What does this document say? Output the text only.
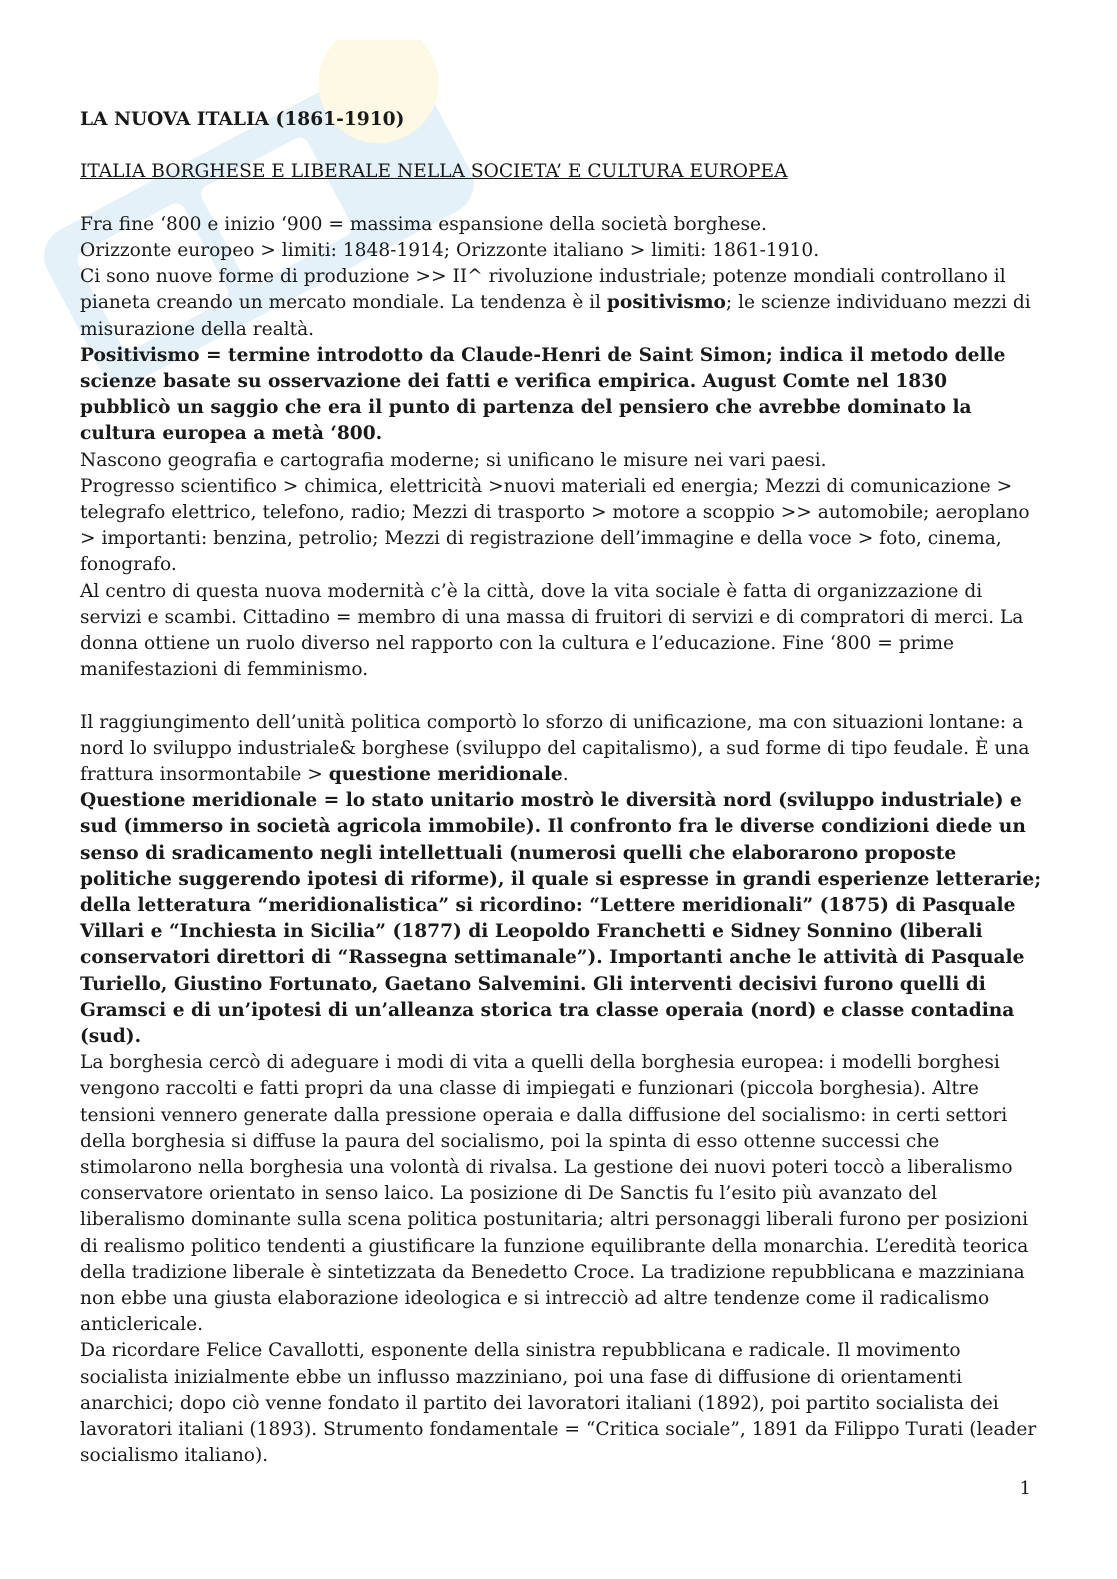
LA NUOVA ITALIA (1861-1910)

ITALIA BORGHESE E LIBERALE NELLA SOCIETA’ E CULTURA EUROPEA

Fra fine ‘800 e inizio ‘900 = massima espansione della società borghese.

Orizzonte europeo > limiti: 1848-1914; Orizzonte italiano > limiti: 1861-1910.

Ci sono nuove forme di produzione >> II^ rivoluzione industriale; potenze mondiali controllano il pianeta creando un mercato mondiale. La tendenza è il positivismo; le scienze individuano mezzi di misurazione della realtà.

Positivismo = termine introdotto da Claude-Henri de Saint Simon; indica il metodo delle scienze basate su osservazione dei fatti e verifica empirica. August Comte nel 1830 pubblicò un saggio che era il punto di partenza del pensiero che avrebbe dominato la cultura europea a metà ‘800.

Nascono geografia e cartografia moderne; si unificano le misure nei vari paesi.

Progresso scientifico > chimica, elettricità >nuovi materiali ed energia; Mezzi di comunicazione > telegrafo elettrico, telefono, radio; Mezzi di trasporto > motore a scoppio >> automobile; aeroplano > importanti: benzina, petrolio; Mezzi di registrazione dell’immagine e della voce > foto, cinema, fonografo.

Al centro di questa nuova modernità c’è la città, dove la vita sociale è fatta di organizzazione di servizi e scambi. Cittadino = membro di una massa di fruitori di servizi e di compratori di merci. La donna ottiene un ruolo diverso nel rapporto con la cultura e l’educazione. Fine ‘800 = prime manifestazioni di femminismo.

Il raggiungimento dell’unità politica comportò lo sforzo di unificazione, ma con situazioni lontane: a nord lo sviluppo industriale& borghese (sviluppo del capitalismo), a sud forme di tipo feudale. È una frattura insormontabile > questione meridionale.

Questione meridionale = lo stato unitario mostrò le diversità nord (sviluppo industriale) e sud (immerso in società agricola immobile). Il confronto fra le diverse condizioni diede un senso di sradicamento negli intellettuali (numerosi quelli che elaborarono proposte politiche suggerendo ipotesi di riforme), il quale si espresse in grandi esperienze letterarie; della letteratura “meridionalistica” si ricordino: “Lettere meridionali” (1875) di Pasquale Villari e “Inchiesta in Sicilia” (1877) di Leopoldo Franchetti e Sidney Sonnino (liberali conservatori direttori di “Rassegna settimanale”). Importanti anche le attività di Pasquale Turiello, Giustino Fortunato, Gaetano Salvemini. Gli interventi decisivi furono quelli di Gramsci e di un’ipotesi di un’alleanza storica tra classe operaia (nord) e classe contadina (sud).

La borghesia cercò di adeguare i modi di vita a quelli della borghesia europea: i modelli borghesi vengono raccolti e fatti propri da una classe di impiegati e funzionari (piccola borghesia). Altre tensioni vennero generate dalla pressione operaia e dalla diffusione del socialismo: in certi settori della borghesia si diffuse la paura del socialismo, poi la spinta di esso ottenne successi che stimolarono nella borghesia una volontà di rivalsa. La gestione dei nuovi poteri toccò a liberalismo conservatore orientato in senso laico. La posizione di De Sanctis fu l’esito più avanzato del liberalismo dominante sulla scena politica postunitaria; altri personaggi liberali furono per posizioni di realismo politico tendenti a giustificare la funzione equilibrante della monarchia. L’eredità teorica della tradizione liberale è sintetizzata da Benedetto Croce. La tradizione repubblicana e mazziniana non ebbe una giusta elaborazione ideologica e si intrecciò ad altre tendenze come il radicalismo anticlericale.

Da ricordare Felice Cavallotti, esponente della sinistra repubblicana e radicale. Il movimento socialista inizialmente ebbe un influsso mazziniano, poi una fase di diffusione di orientamenti anarchici; dopo ciò venne fondato il partito dei lavoratori italiani (1892), poi partito socialista dei lavoratori italiani (1893). Strumento fondamentale = “Critica sociale”, 1891 da Filippo Turati (leader socialismo italiano).

1
